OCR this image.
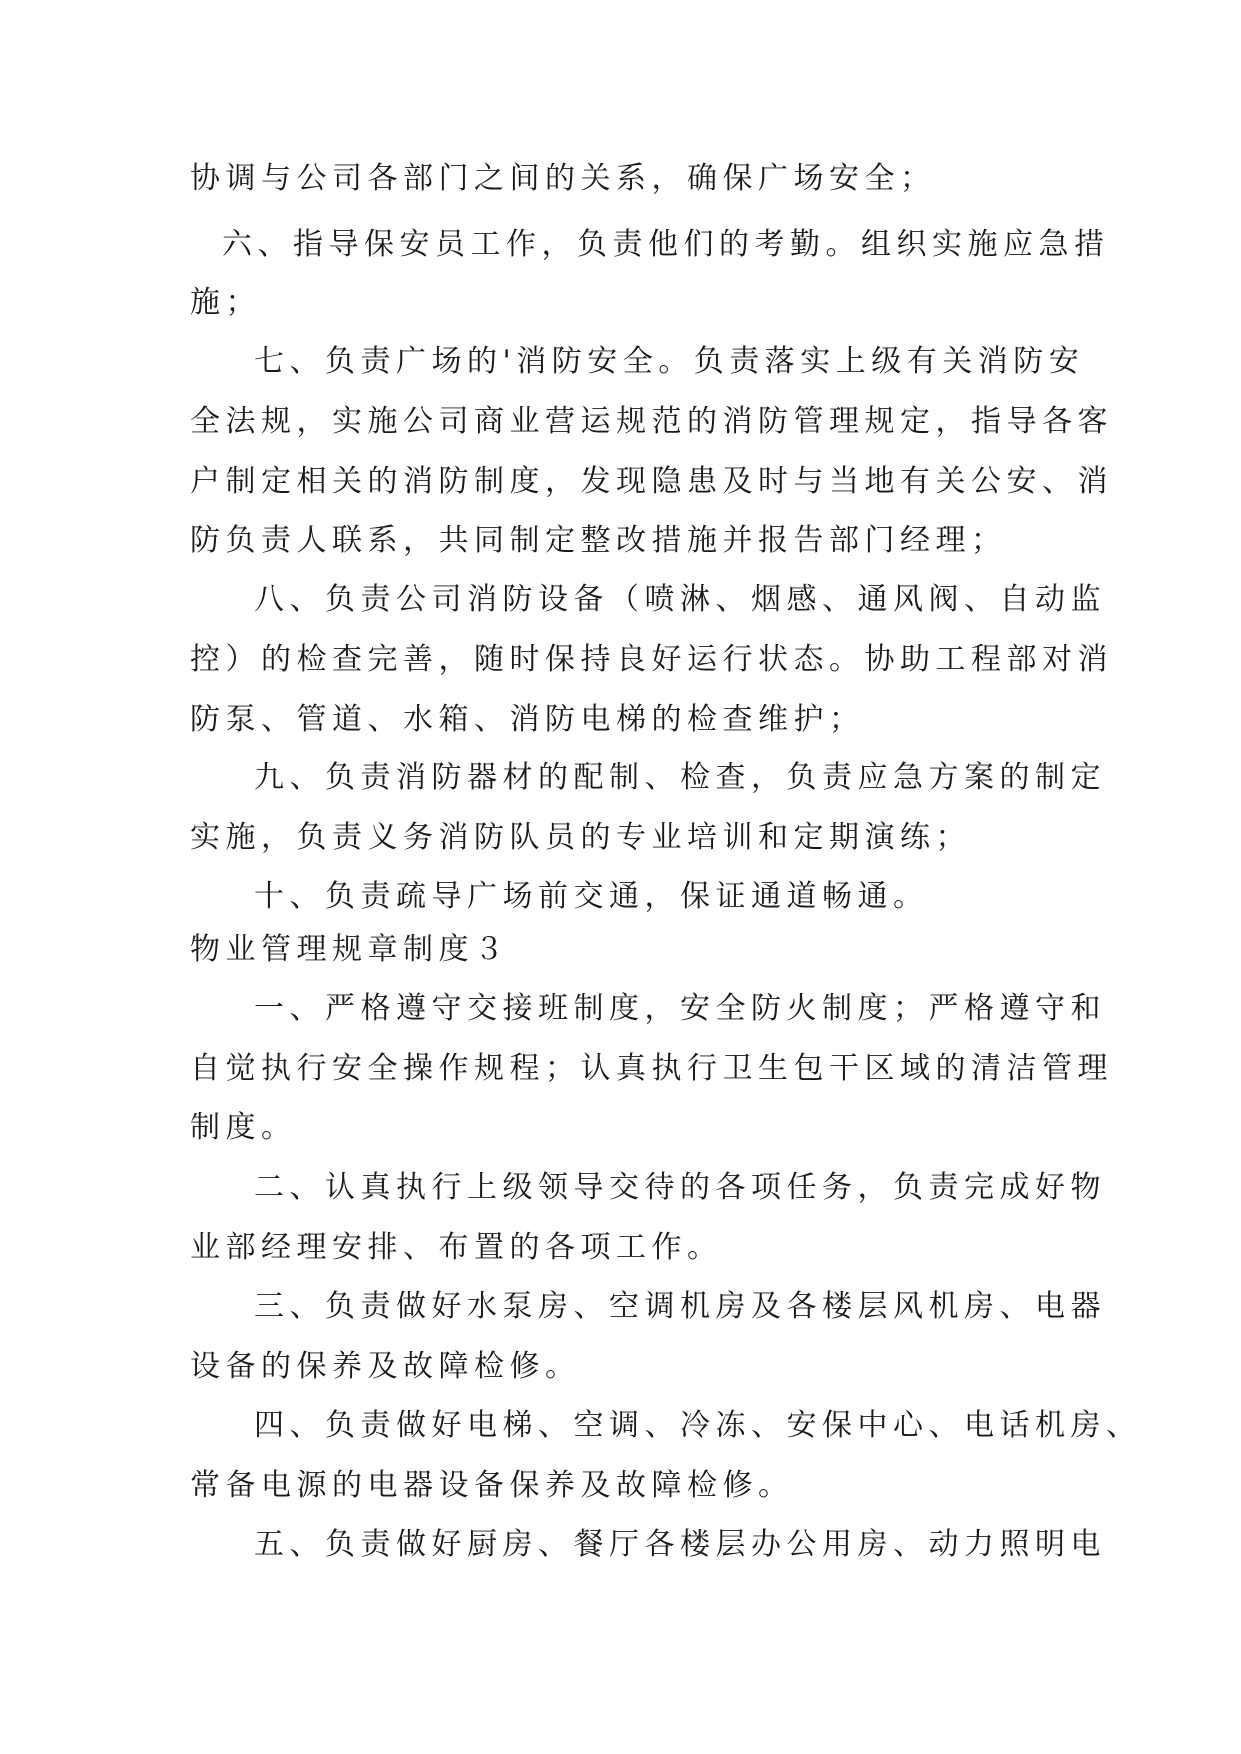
协调与公司各部门之间的关系，确保广场安全；
六、指导保安员工作，负责他们的考勤。组织实施应急措
施；
七、负责广场的'消防安全。负责落实上级有关消防安
全法规，实施公司商业营运规范的消防管理规定，指导各客
户制定相关的消防制度，发现隐患及时与当地有关公安、消
防负责人联系，共同制定整改措施并报告部门经理；
八、负责公司消防设备（喷淋、烟感、通风阀、自动监
控）的检查完善，随时保持良好运行状态。协助工程部对消
防泵、管道、水箱、消防电梯的检查维护；
九、负责消防器材的配制、检查，负责应急方案的制定
实施，负责义务消防队员的专业培训和定期演练；
十、负责疏导广场前交通，保证通道畅通。
物业管理规章制度３
一、严格遵守交接班制度，安全防火制度；严格遵守和
自觉执行安全操作规程；认真执行卫生包干区域的清洁管理
制度。
二、认真执行上级领导交待的各项任务，负责完成好物
业部经理安排、布置的各项工作。
三、负责做好水泵房、空调机房及各楼层风机房、电器
设备的保养及故障检修。
四、负责做好电梯、空调、冷冻、安保中心、电话机房、
常备电源的电器设备保养及故障检修。
五、负责做好厨房、餐厅各楼层办公用房、动力照明电
